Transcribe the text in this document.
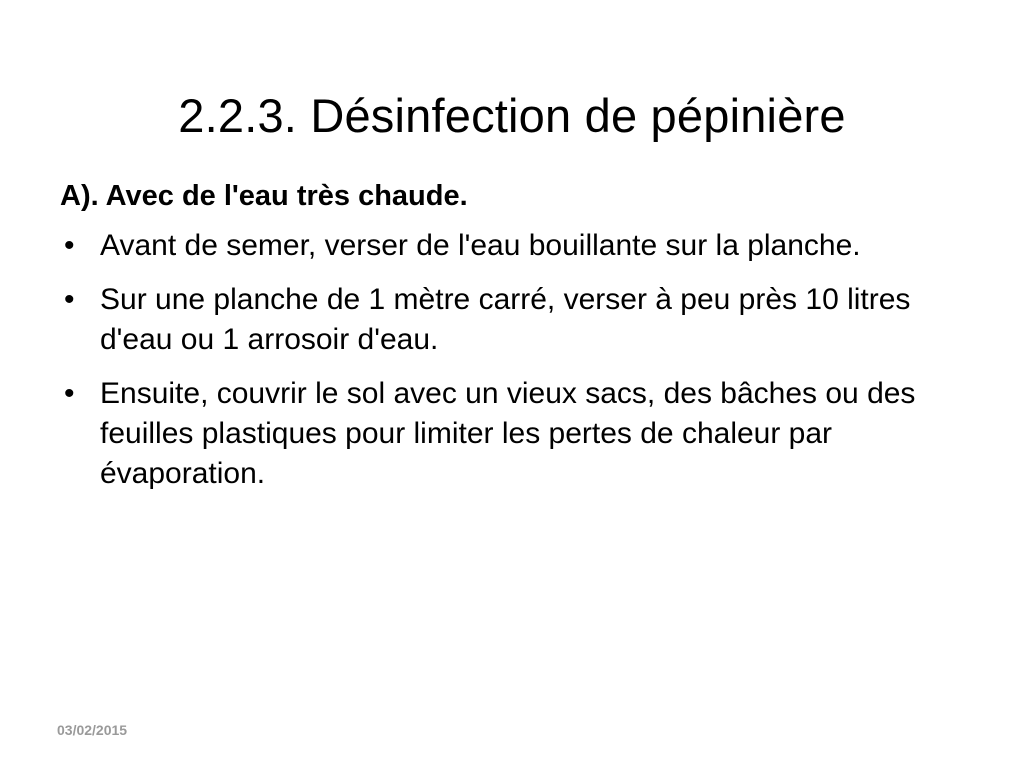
2.2.3. Désinfection de pépinière
A). Avec de l'eau très chaude.
• Avant de semer, verser de l'eau bouillante sur la planche.
• Sur une planche de 1 mètre carré, verser à peu près 10 litres d'eau ou 1 arrosoir d'eau.
• Ensuite, couvrir le sol avec un vieux sacs, des bâches ou des feuilles plastiques pour limiter les pertes de chaleur par évaporation.
03/02/2015
